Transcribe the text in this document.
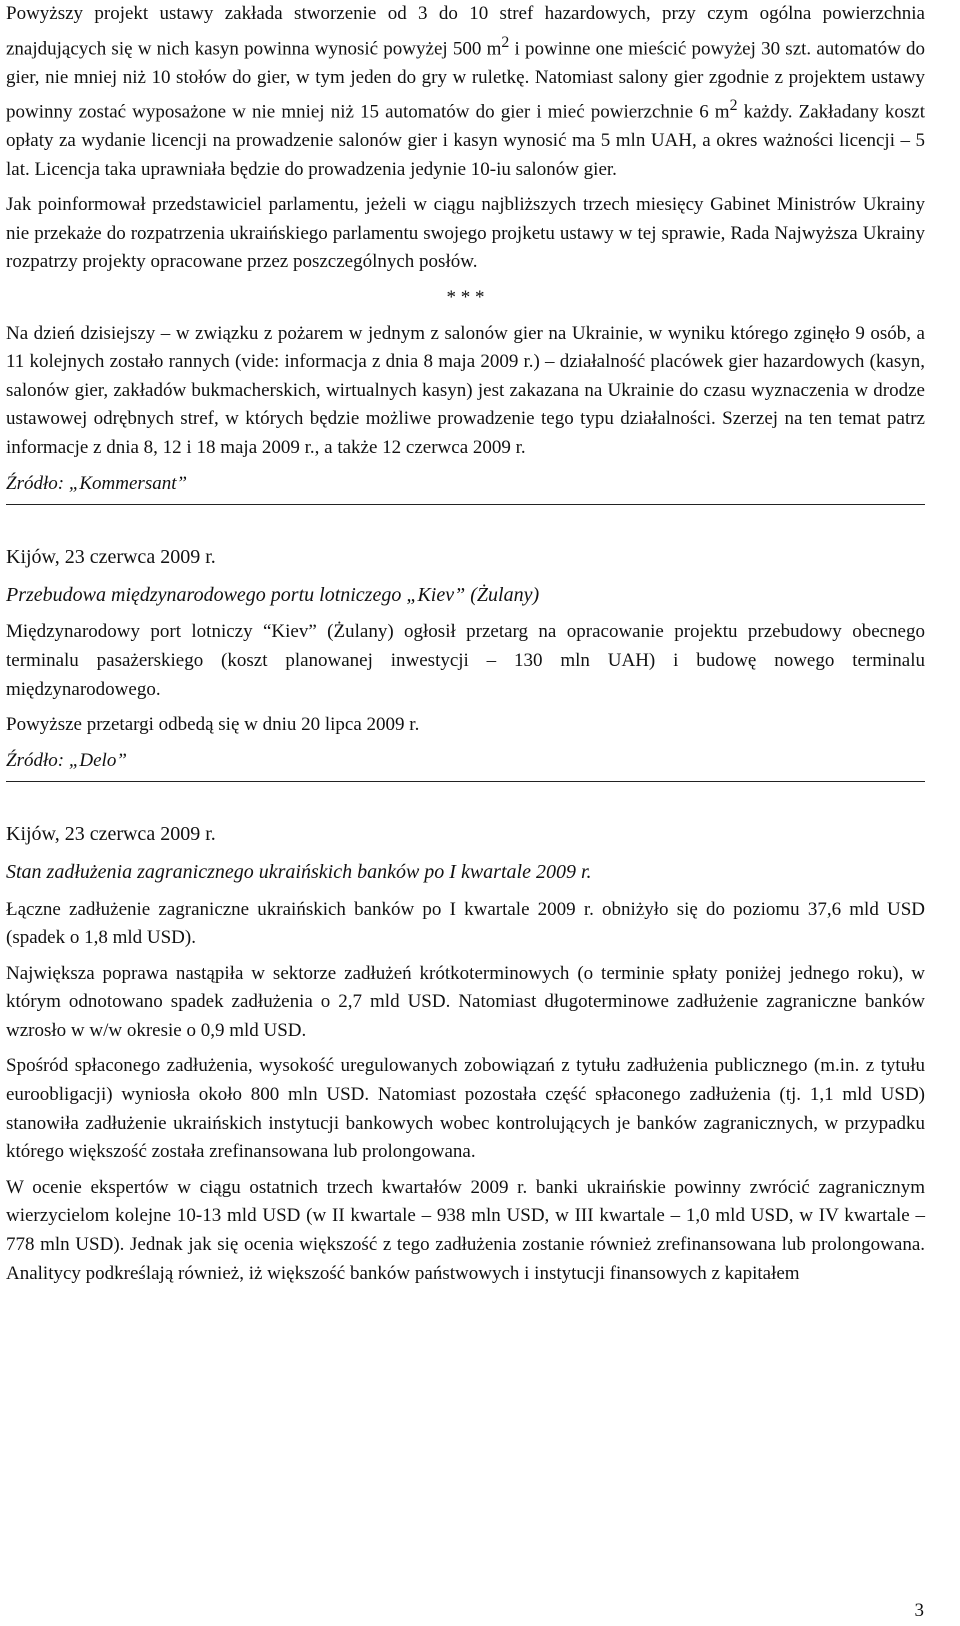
Powyższy projekt ustawy zakłada stworzenie od 3 do 10 stref hazardowych, przy czym ogólna powierzchnia znajdujących się w nich kasyn powinna wynosić powyżej 500 $m^2$ i powinne one mieścić powyżej 30 szt. automatów do gier, nie mniej niż 10 stołów do gier, w tym jeden do gry w ruletkę. Natomiast salony gier zgodnie z projektem ustawy powinny zostać wyposażone w nie mniej niż 15 automatów do gier i mieć powierzchnie 6 $m^2$ każdy. Zakładany koszt opłaty za wydanie licencji na prowadzenie salonów gier i kasyn wynosić ma 5 mln UAH, a okres ważności licencji – 5 lat. Licencja taka uprawniała będzie do prowadzenia jedynie 10-iu salonów gier.

Jak poinformował przedstawiciel parlamentu, jeżeli w ciągu najbliższych trzech miesięcy Gabinet Ministrów Ukrainy nie przekaże do rozpatrzenia ukraińskiego parlamentu swojego projketu ustawy w tej sprawie, Rada Najwyższa Ukrainy rozpatrzy projekty opracowane przez poszczególnych posłów.

* * *

Na dzień dzisiejszy – w związku z pożarem w jednym z salonów gier na Ukrainie, w wyniku którego zginęło 9 osób, a 11 kolejnych zostało rannych (vide: informacja z dnia 8 maja 2009 r.) – działalność placówek gier hazardowych (kasyn, salonów gier, zakładów bukmacherskich, wirtualnych kasyn) jest zakazana na Ukrainie do czasu wyznaczenia w drodze ustawowej odrębnych stref, w których będzie możliwe prowadzenie tego typu działalności. Szerzej na ten temat patrz informacje z dnia 8, 12 i 18 maja 2009 r., a także 12 czerwca 2009 r.

Źródło: „Kommersant”
Kijów, 23 czerwca 2009 r.
Przebudowa międzynarodowego portu lotniczego „Kiev” (Żulany)

Międzynarodowy port lotniczy “Kiev” (Żulany) ogłosił przetarg na opracowanie projektu przebudowy obecnego terminalu pasażerskiego (koszt planowanej inwestycji – 130 mln UAH) i budowę nowego terminalu międzynarodowego.

Powyższe przetargi odbedą się w dniu 20 lipca 2009 r.

Źródło: „Delo”
Kijów, 23 czerwca 2009 r.
Stan zadłużenia zagranicznego ukraińskich banków po I kwartale 2009 r.

Łączne zadłużenie zagraniczne ukraińskich banków po I kwartale 2009 r. obniżyło się do poziomu 37,6 mld USD (spadek o 1,8 mld USD).

Największa poprawa nastąpiła w sektorze zadłużeń krótkoterminowych (o terminie spłaty poniżej jednego roku), w którym odnotowano spadek zadłużenia o 2,7 mld USD. Natomiast długoterminowe zadłużenie zagraniczne banków wzrosło w w/w okresie o 0,9 mld USD.

Spośród spłaconego zadłużenia, wysokość uregulowanych zobowiązań z tytułu zadłużenia publicznego (m.in. z tytułu euroobligacji) wyniosła około 800 mln USD. Natomiast pozostała część spłaconego zadłużenia (tj. 1,1 mld USD) stanowiła zadłużenie ukraińskich instytucji bankowych wobec kontrolujących je banków zagranicznych, w przypadku którego większość została zrefinansowana lub prolongowana.

W ocenie ekspertów w ciągu ostatnich trzech kwartałów 2009 r. banki ukraińskie powinny zwrócić zagranicznym wierzycielom kolejne 10-13 mld USD (w II kwartale – 938 mln USD, w III kwartale – 1,0 mld USD, w IV kwartale – 778 mln USD). Jednak jak się ocenia większość z tego zadłużenia zostanie również zrefinansowana lub prolongowana. Analitycy podkreślają również, iż większość banków państwowych i instytucji finansowych z kapitałem

3
